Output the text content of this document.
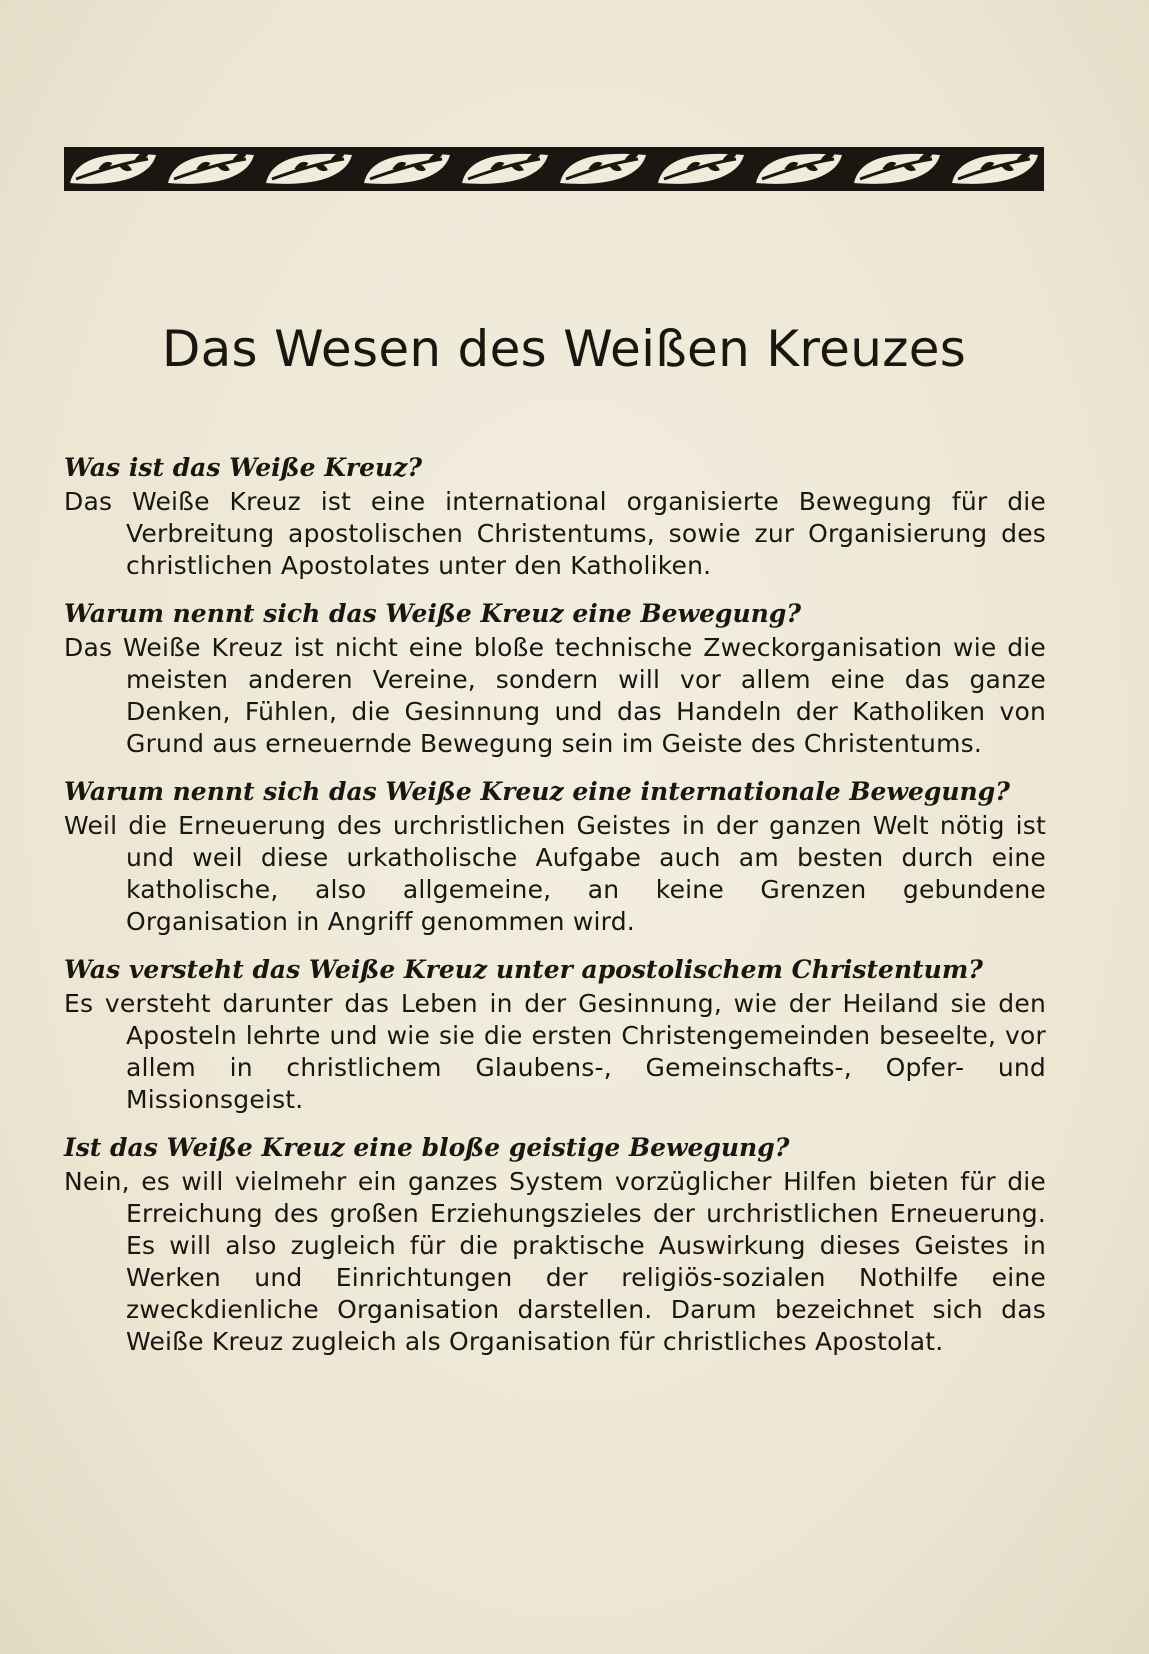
Das Wesen des Weißen Kreuzes

Was ist das Weiße Kreuz?

Das Weiße Kreuz ist eine international organisierte Bewegung für die Verbreitung apostolischen Christentums, sowie zur Organisierung des christlichen Apostolates unter den Katholiken.

Warum nennt sich das Weiße Kreuz eine Bewegung?

Das Weiße Kreuz ist nicht eine bloße technische Zweckorganisation wie die meisten anderen Vereine, sondern will vor allem eine das ganze Denken, Fühlen, die Gesinnung und das Handeln der Katholiken von Grund aus erneuernde Bewegung sein im Geiste des Christentums.

Warum nennt sich das Weiße Kreuz eine internationale Bewegung?

Weil die Erneuerung des urchristlichen Geistes in der ganzen Welt nötig ist und weil diese urkatholische Aufgabe auch am besten durch eine katholische, also allgemeine, an keine Grenzen gebundene Organisation in Angriff genommen wird.

Was versteht das Weiße Kreuz unter apostolischem Christentum?

Es versteht darunter das Leben in der Gesinnung, wie der Heiland sie den Aposteln lehrte und wie sie die ersten Christengemeinden beseelte, vor allem in christlichem Glaubens-, Gemeinschafts-, Opfer- und Missionsgeist.

Ist das Weiße Kreuz eine bloße geistige Bewegung?

Nein, es will vielmehr ein ganzes System vorzüglicher Hilfen bieten für die Erreichung des großen Erziehungszieles der urchristlichen Erneuerung. Es will also zugleich für die praktische Auswirkung dieses Geistes in Werken und Einrichtungen der religiös-sozialen Nothilfe eine zweckdienliche Organisation darstellen. Darum bezeichnet sich das Weiße Kreuz zugleich als Organisation für christliches Apostolat.
